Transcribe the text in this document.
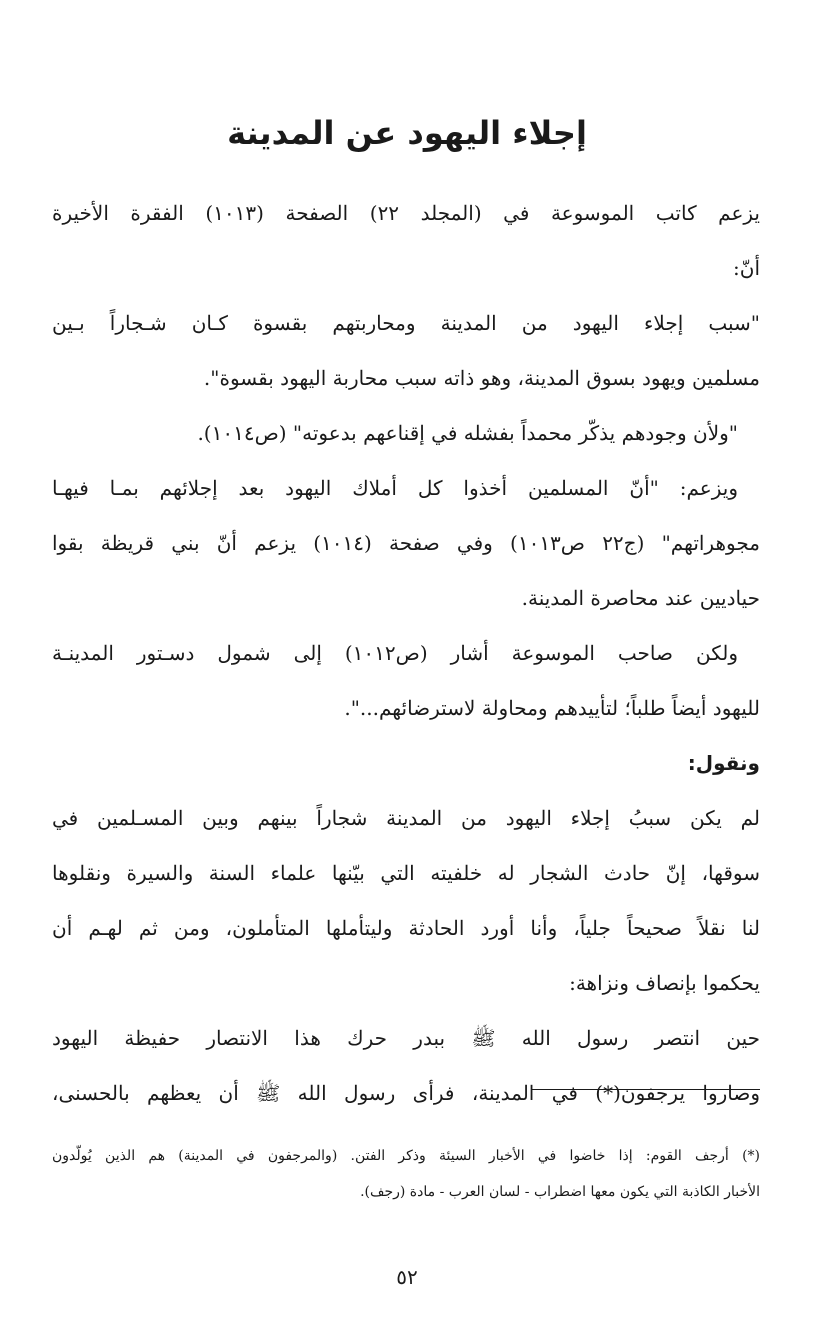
إجلاء اليهود عن المدينة
يزعم كاتب الموسوعة في (المجلد ٢٢) الصفحة (١٠١٣) الفقرة الأخيرة
أنّ:
"سبب إجلاء اليهود من المدينة ومحاربتهم بقسوة كـان شـجاراً بـين
مسلمين ويهود بسوق المدينة، وهو ذاته سبب محاربة اليهود بقسوة".
"ولأن وجودهم يذكّر محمداً بفشله في إقناعهم بدعوته" (ص١٠١٤).
ويزعم: "أنّ المسلمين أخذوا كل أملاك اليهود بعد إجلائهم بمـا فيهـا
مجوهراتهم" (ج٢٢ ص١٠١٣) وفي صفحة (١٠١٤) يزعم أنّ بني قريظة بقوا
حياديين عند محاصرة المدينة.
ولكن صاحب الموسوعة أشار (ص١٠١٢) إلى شمول دسـتور المدينـة
لليهود أيضاً طلباً؛ لتأييدهم ومحاولة لاسترضائهم...".
ونقول:
لم يكن سببُ إجلاء اليهود من المدينة شجاراً بينهم وبين المسـلمين في
سوقها، إنّ حادث الشجار له خلفيته التي بيّنها علماء السنة والسيرة ونقلوها
لنا نقلاً صحيحاً جلياً، وأنا أورد الحادثة وليتأملها المتأملون، ومن ثم لهـم أن
يحكموا بإنصاف ونزاهة:
حين انتصر رسول الله ﷺ ببدر حرك هذا الانتصار حفيظة اليهود
وصاروا يرجفون(*) في المدينة، فرأى رسول الله ﷺ أن يعظهم بالحسنى،
(*) أرجف القوم: إذا خاضوا في الأخبار السيئة وذكر الفتن. (والمرجفون في المدينة) هم الذين يُولّدون
الأخبار الكاذبة التي يكون معها اضطراب - لسان العرب - مادة (رجف).
٥٢
